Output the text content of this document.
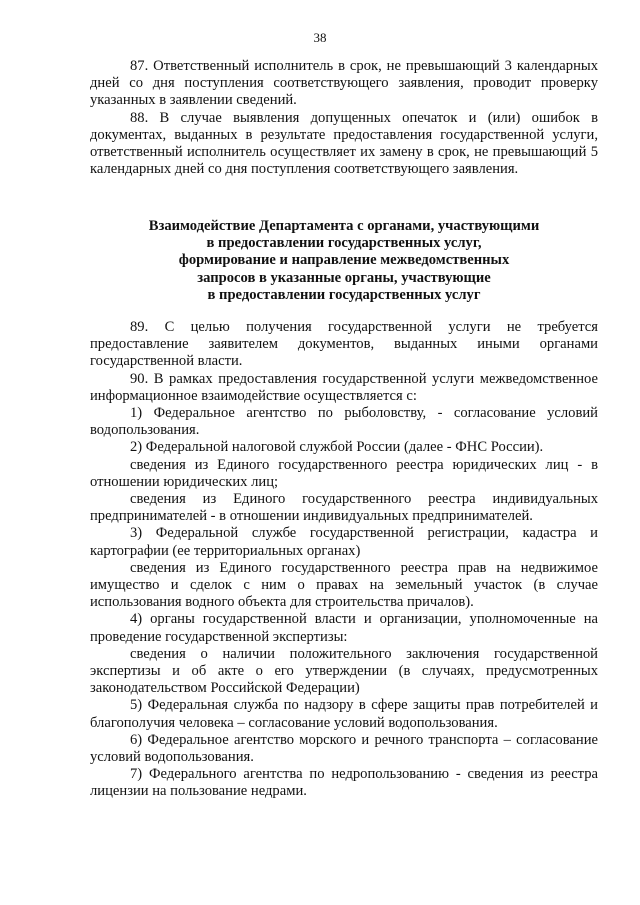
38

87. Ответственный исполнитель в срок, не превышающий 3 календарных дней со дня поступления соответствующего заявления, проводит проверку указанных в заявлении сведений.

88. В случае выявления допущенных опечаток и (или) ошибок в документах, выданных в результате предоставления государственной услуги, ответственный исполнитель осуществляет их замену в срок, не превышающий 5 календарных дней со дня поступления соответствующего заявления.

Взаимодействие Департамента с органами, участвующими
в предоставлении государственных услуг,
формирование и направление межведомственных
запросов в указанные органы, участвующие
в предоставлении государственных услуг

89. С целью получения государственной услуги не требуется предоставление заявителем документов, выданных иными органами государственной власти.

90. В рамках предоставления государственной услуги межведомственное информационное взаимодействие осуществляется с:

1) Федеральное агентство по рыболовству, - согласование условий водопользования.

2) Федеральной налоговой службой России (далее - ФНС России).

сведения из Единого государственного реестра юридических лиц - в отношении юридических лиц;

сведения из Единого государственного реестра индивидуальных предпринимателей - в отношении индивидуальных предпринимателей.

3) Федеральной службе государственной регистрации, кадастра и картографии (ее территориальных органах)

сведения из Единого государственного реестра прав на недвижимое имущество и сделок с ним о правах на земельный участок (в случае использования водного объекта для строительства причалов).

4) органы государственной власти и организации, уполномоченные на проведение государственной экспертизы:

сведения о наличии положительного заключения государственной экспертизы и об акте о его утверждении (в случаях, предусмотренных законодательством Российской Федерации)

5) Федеральная служба по надзору в сфере защиты прав потребителей и благополучия человека – согласование условий водопользования.

6) Федеральное агентство морского и речного транспорта – согласование условий водопользования.

7) Федерального агентства по недропользованию - сведения из реестра лицензии на пользование недрами.
